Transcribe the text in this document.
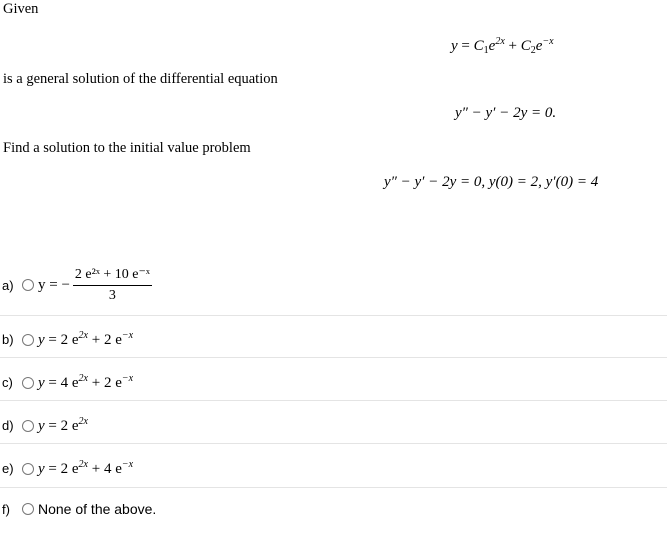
Given
$y = C_1e^{2x} + C_2e^{-x}$
is a general solution of the differential equation
y″ − y′ − 2y = 0.
Find a solution to the initial value problem
y″ − y′ − 2y = 0, y(0) = 2, y′(0) = 4
a)	y = − $\frac{\text{2 e²ˣ + 10 e⁻ˣ}}{3}$
b)	y = 2 $e^{2x} + 2$ $e^{-x}$
c)	y = 4 $e^{2x} + 2$ $e^{-x}$
d)	y = 2 $e^{2x}$
e)	y = 2 $e^{2x} + 4$ $e^{-x}$
f)	None of the above.
